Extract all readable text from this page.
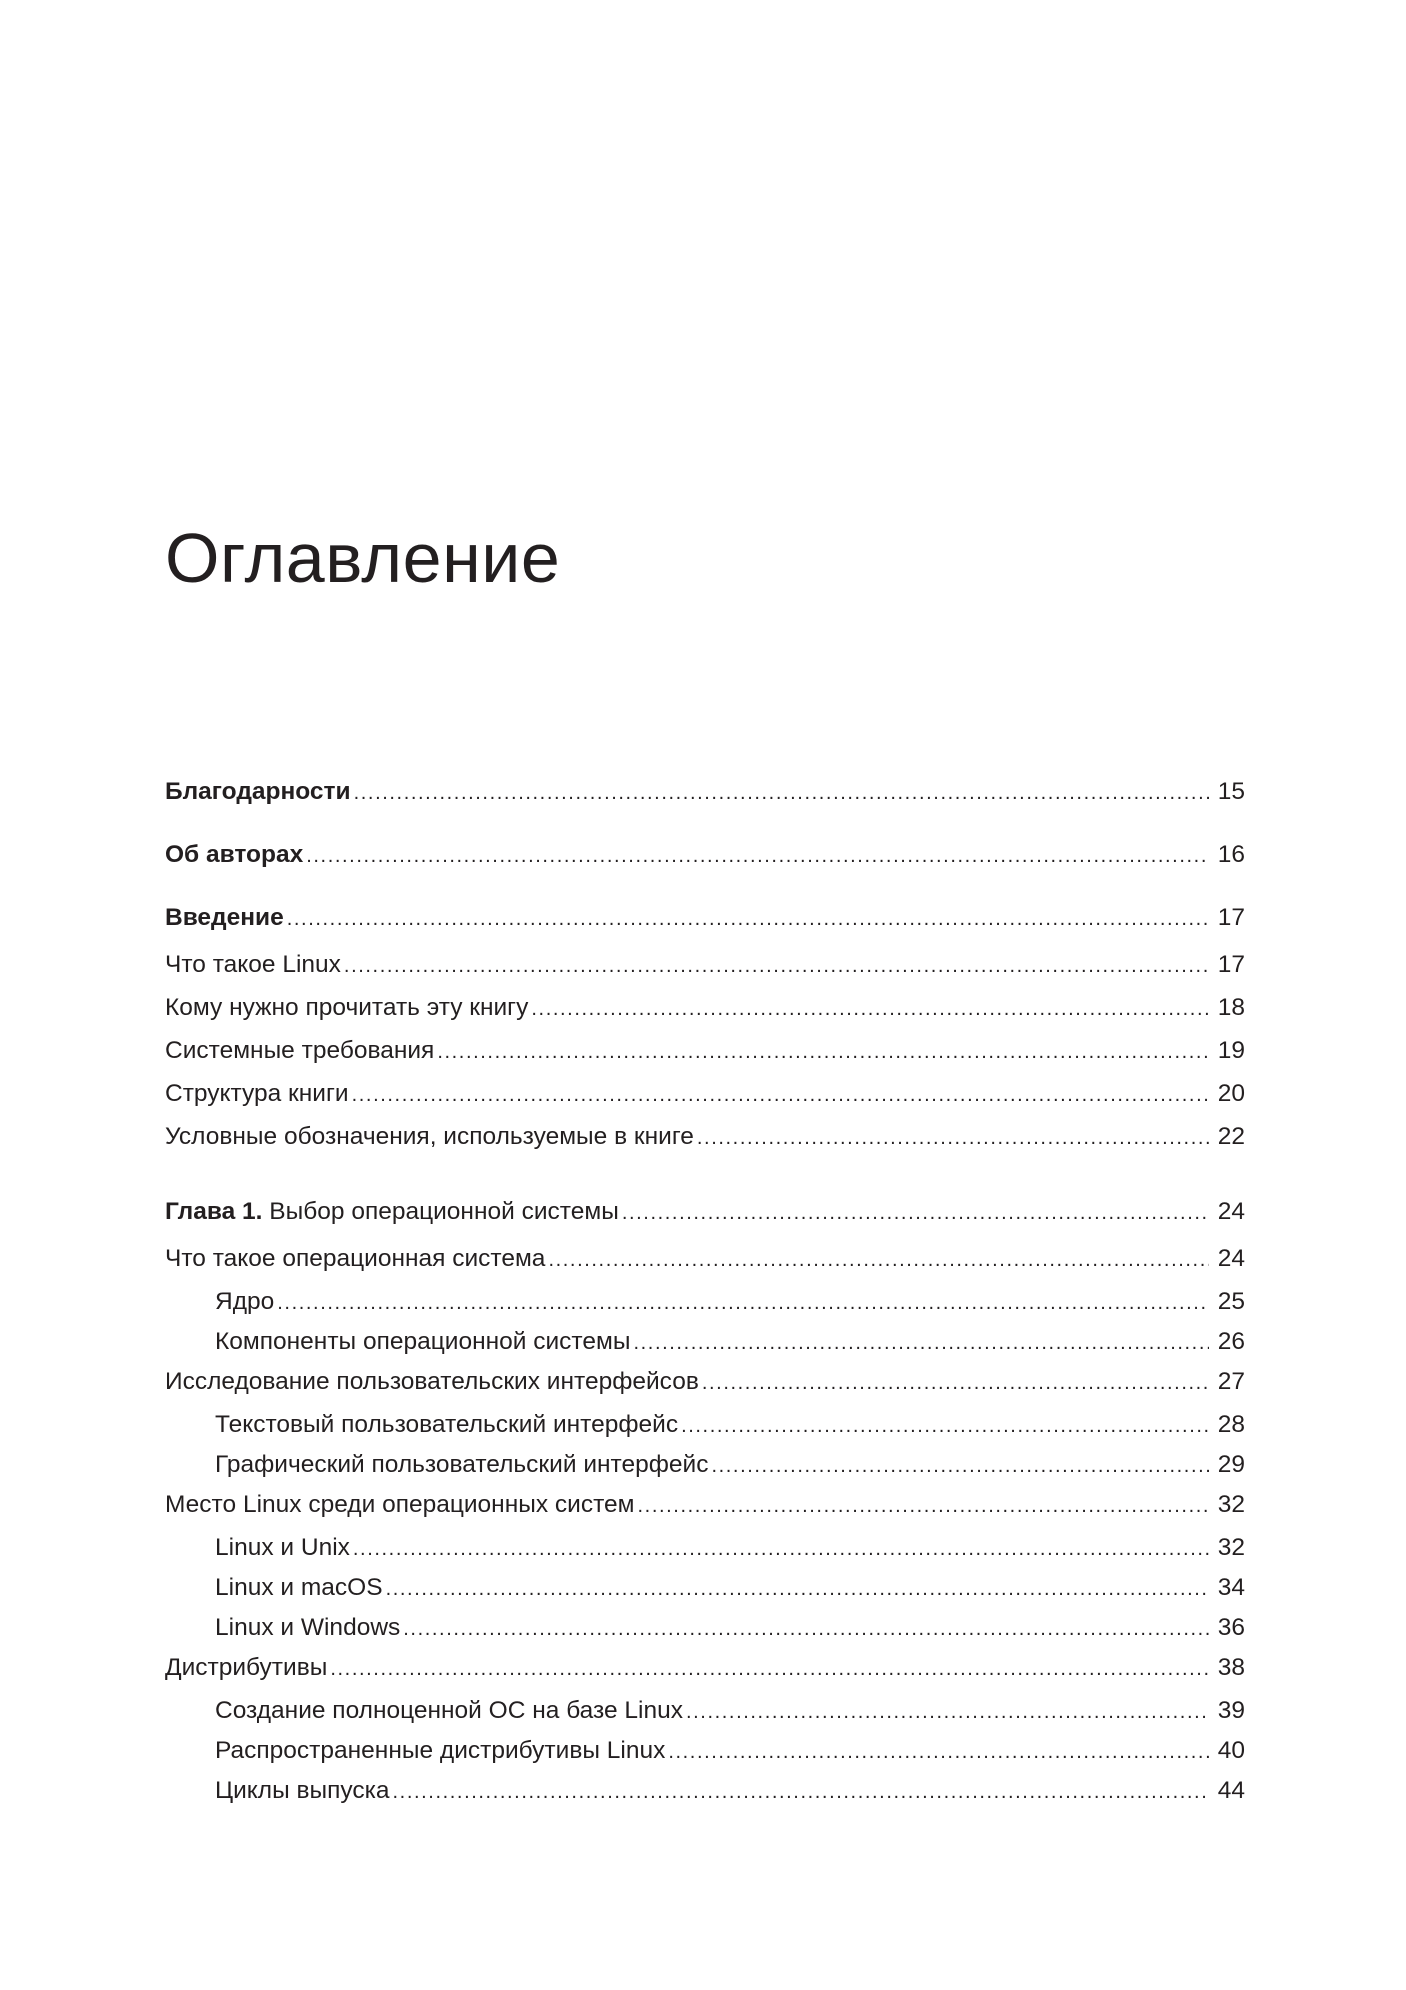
Оглавление
Благодарности .....	15
Об авторах .....	16
Введение .....	17
Что такое Linux .....	17
Кому нужно прочитать эту книгу .....	18
Системные требования .....	19
Структура книги .....	20
Условные обозначения, используемые в книге .....	22
Глава 1. Выбор операционной системы .....	24
Что такое операционная система .....	24
Ядро .....	25
Компоненты операционной системы .....	26
Исследование пользовательских интерфейсов .....	27
Текстовый пользовательский интерфейс .....	28
Графический пользовательский интерфейс .....	29
Место Linux среди операционных систем .....	32
Linux и Unix .....	32
Linux и macOS .....	34
Linux и Windows .....	36
Дистрибутивы .....	38
Создание полноценной ОС на базе Linux .....	39
Распространенные дистрибутивы Linux .....	40
Циклы выпуска .....	44
